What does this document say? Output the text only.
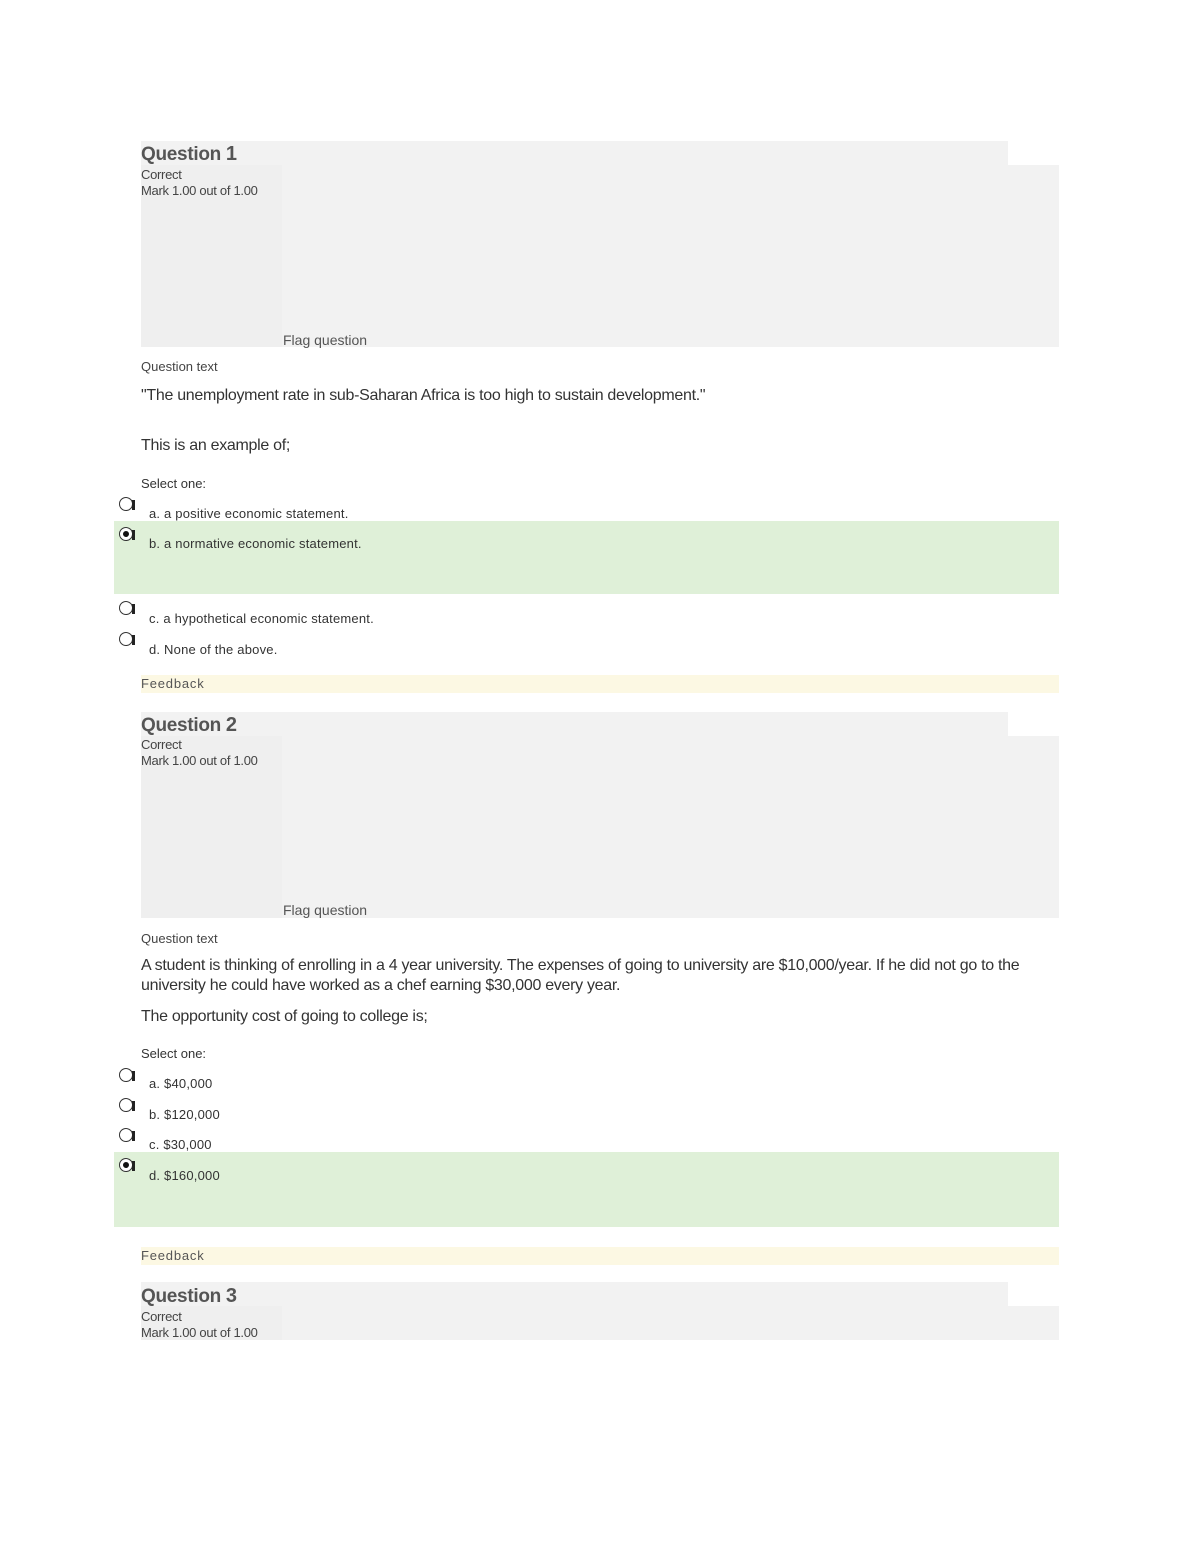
Question 1
Correct
Mark 1.00 out of 1.00
Flag question
Question text
"The unemployment rate in sub-Saharan Africa is too high to sustain development."
This is an example of;
Select one:
a. a positive economic statement.
b. a normative economic statement.
c. a hypothetical economic statement.
d. None of the above.
Feedback
Question 2
Correct
Mark 1.00 out of 1.00
Flag question
Question text
A student is thinking of enrolling in a 4 year university. The expenses of going to university are $10,000/year. If he did not go to the university he could have worked as a chef earning $30,000 every year.
The opportunity cost of going to college is;
Select one:
a. $40,000
b. $120,000
c. $30,000
d. $160,000
Feedback
Question 3
Correct
Mark 1.00 out of 1.00
